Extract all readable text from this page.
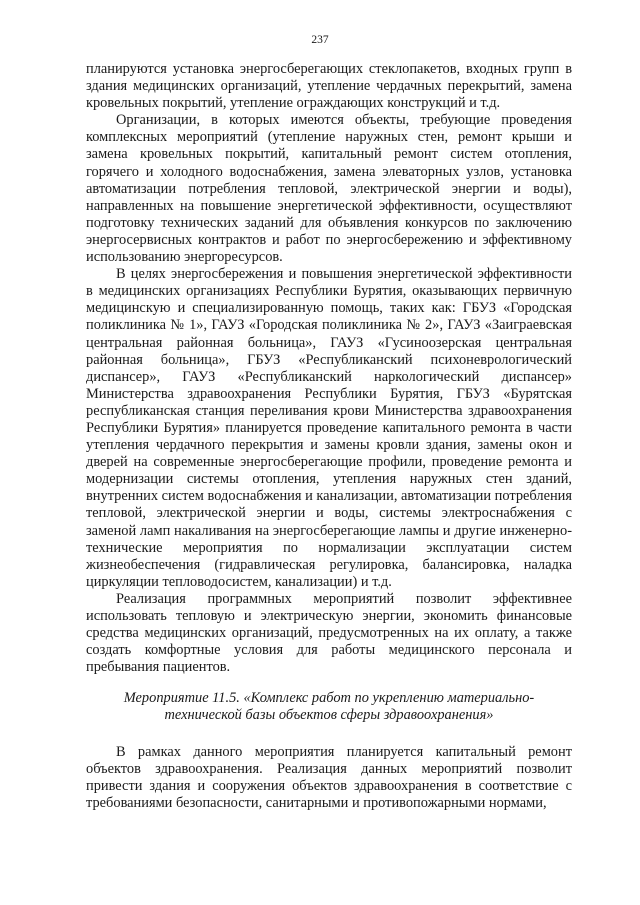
237

планируются установка энергосберегающих стеклопакетов, входных групп в здания медицинских организаций, утепление чердачных перекрытий, замена кровельных покрытий, утепление ограждающих конструкций и т.д.

Организации, в которых имеются объекты, требующие проведения комплексных мероприятий (утепление наружных стен, ремонт крыши и замена кровельных покрытий, капитальный ремонт систем отопления, горячего и холодного водоснабжения, замена элеваторных узлов, установка автоматизации потребления тепловой, электрической энергии и воды), направленных на повышение энергетической эффективности, осуществляют подготовку технических заданий для объявления конкурсов по заключению энергосервисных контрактов и работ по энергосбережению и эффективному использованию энергоресурсов.

В целях энергосбережения и повышения энергетической эффективности в медицинских организациях Республики Бурятия, оказывающих первичную медицинскую и специализированную помощь, таких как: ГБУЗ «Городская поликлиника № 1», ГАУЗ «Городская поликлиника № 2», ГАУЗ «Заиграевская центральная районная больница», ГАУЗ «Гусиноозерская центральная районная больница», ГБУЗ «Республиканский психоневрологический диспансер», ГАУЗ «Республиканский наркологический диспансер» Министерства здравоохранения Республики Бурятия, ГБУЗ «Бурятская республиканская станция переливания крови Министерства здравоохранения Республики Бурятия» планируется проведение капитального ремонта в части утепления чердачного перекрытия и замены кровли здания, замены окон и дверей на современные энергосберегающие профили, проведение ремонта и модернизации системы отопления, утепления наружных стен зданий, внутренних систем водоснабжения и канализации, автоматизации потребления тепловой, электрической энергии и воды, системы электроснабжения с заменой ламп накаливания на энергосберегающие лампы и другие инженерно-технические мероприятия по нормализации эксплуатации систем жизнеобеспечения (гидравлическая регулировка, балансировка, наладка циркуляции тепловодосистем, канализации) и т.д.

Реализация программных мероприятий позволит эффективнее использовать тепловую и электрическую энергии, экономить финансовые средства медицинских организаций, предусмотренных на их оплату, а также создать комфортные условия для работы медицинского персонала и пребывания пациентов.

Мероприятие 11.5. «Комплекс работ по укреплению материально-
технической базы объектов сферы здравоохранения»

В рамках данного мероприятия планируется капитальный ремонт объектов здравоохранения. Реализация данных мероприятий позволит привести здания и сооружения объектов здравоохранения в соответствие с требованиями безопасности, санитарными и противопожарными нормами,
